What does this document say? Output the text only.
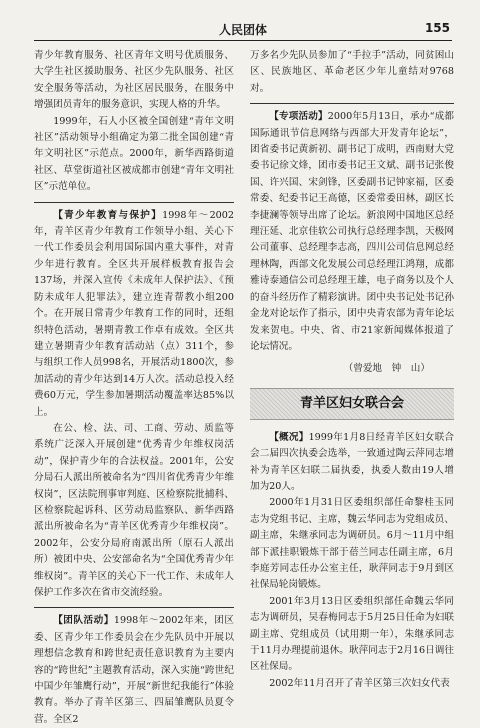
人民团体	155

青少年教育服务、社区青年文明号优质服务、大学生社区援助服务、社区少先队服务、社区安全服务等活动，为社区居民服务，在服务中增强团员青年的服务意识，实现人格的升华。

1999年，石人小区被全国创建“青年文明社区”活动领导小组确定为第二批全国创建“青年文明社区”示范点。2000年，新华西路街道社区、草堂街道社区被成都市创建“青年文明社区”示范单位。

【青少年教育与保护】1998年～2002年，青羊区青少年教育工作领导小组、关心下一代工作委员会利用国际国内重大事件，对青少年进行教育。全区共开展样板教育报告会137场，并深入宣传《未成年人保护法》、《预防未成年人犯罪法》，建立连青帮教小组200个。在开展日常青少年教育工作的同时，还组织特色活动，暑期青教工作卓有成效。全区共建立暑期青少年教育活动站（点）311个，参与组织工作人员998名，开展活动1800次，参加活动的青少年达到14万人次。活动总投入经费60万元，学生参加暑期活动覆盖率达85%以上。

在公、检、法、司、工商、劳动、质监等系统广泛深入开展创建“优秀青少年维权岗活动”，保护青少年的合法权益。2001年，公安分局石人派出所被命名为“四川省优秀青少年维权岗”，区法院刑事审判庭、区检察院批捕科、区检察院起诉科、区劳动局监察队、新华西路派出所被命名为“青羊区优秀青少年维权岗”。2002年，公安分局府南派出所（原石人派出所）被团中央、公安部命名为“全国优秀青少年维权岗”。青羊区的关心下一代工作、未成年人保护工作多次在省市交流经验。

【团队活动】1998年～2002年来，团区委、区青少年工作委员会在少先队员中开展以理想信念教育和跨世纪责任意识教育为主要内容的“跨世纪”主题教育活动，深入实施“跨世纪中国少年雏鹰行动”，开展“新世纪我能行”体验教育。举办了青羊区第三、四届雏鹰队员夏令营。全区2

万多名少先队员参加了“手拉手”活动，同贫困山区、民族地区、革命老区少年儿童结对9768对。

【专项活动】2000年5月13日，承办“成都国际通讯节信息网络与西部大开发青年论坛”，团省委书记黄新初、副书记丁成明，西南财大党委书记徐文烽，团市委书记王文斌、副书记张俊国、许兴国、宋剑锋，区委副书记钟家福，区委常委、纪委书记王高德，区委常委田林，副区长李捷澜等领导出席了论坛。新浪网中国地区总经理汪延、北京佳软公司执行总经理李凯，天极网公司董事、总经理李志高，四川公司信息网总经理林陶，西部文化发展公司总经理江鸿翔，成都雅诗泰通信公司总经理王雄，电子商务以及个人的奋斗经历作了精彩演讲。团中央书记处书记孙金龙对论坛作了指示，团中央青农部为青年论坛发来贺电。中央、省、市21家新闻媒体报道了论坛情况。

（曾爱地　钟　山）
青羊区妇女联合会

【概况】1999年1月8日经青羊区妇女联合会二届四次执委会选举，一致通过陶云萍同志增补为青羊区妇联二届执委，执委人数由19人增加为20人。

2000年1月31日区委组织部任命黎桂玉同志为党组书记、主席，魏云华同志为党组成员、副主席，朱继承同志为调研员。6月～11月中组部下派挂职锻炼干部于蓓兰同志任副主席，6月李庭芳同志任办公室主任，耿萍同志于9月到区社保局轮岗锻炼。

2001年3月13日区委组织部任命魏云华同志为调研员，吴春梅同志于5月25日任命为妇联副主席、党组成员（试用期一年），朱继承同志于11月办理提前退休。耿萍同志于2月16日调往区社保局。

2002年11月召开了青羊区第三次妇女代表
